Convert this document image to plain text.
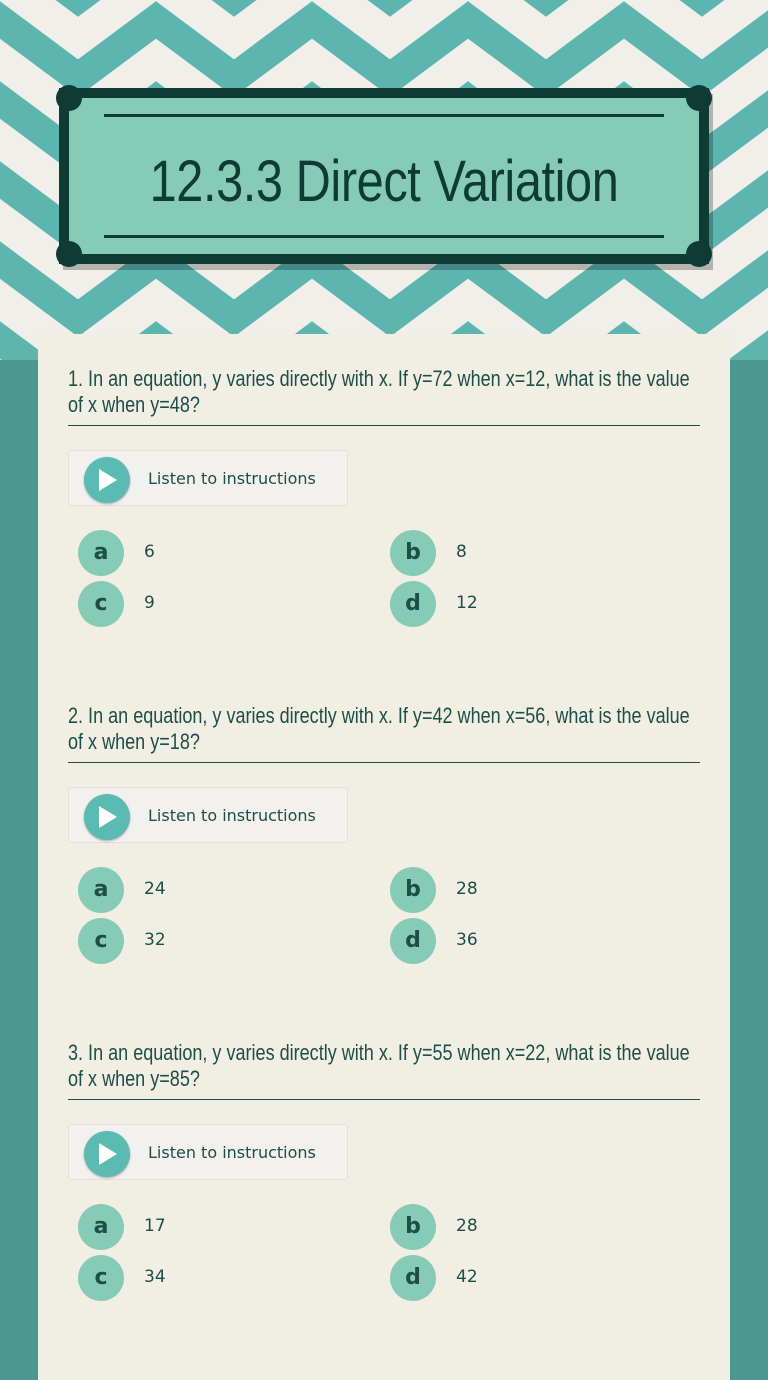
12.3.3 Direct Variation

1. In an equation, y varies directly with x. If y=72 when x=12, what is the value of x when y=48?

Listen to instructions
a	6	b	8
c	9	d	12

2. In an equation, y varies directly with x. If y=42 when x=56, what is the value of x when y=18?

Listen to instructions
a	24	b	28
c	32	d	36

3. In an equation, y varies directly with x. If y=55 when x=22, what is the value of x when y=85?

Listen to instructions
a	17	b	28
c	34	d	42
